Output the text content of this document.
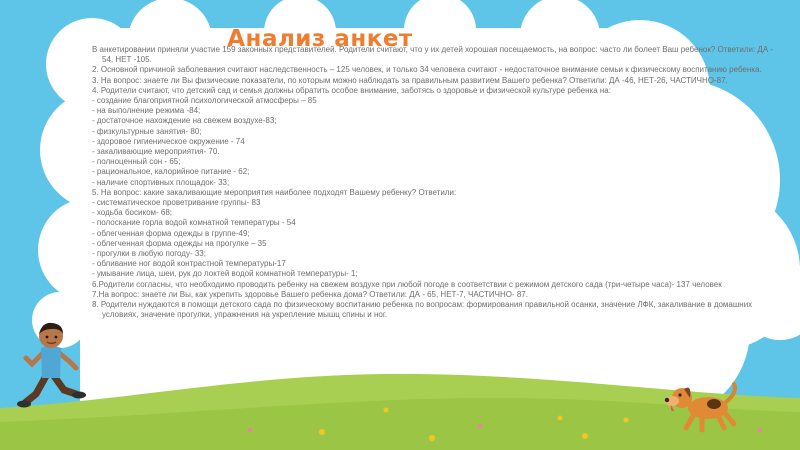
Анализ анкет

В анкетировании приняли участие 159 законных представителей. Родители считают, что у их детей хорошая посещаемость, на вопрос: часто ли болеет Ваш ребенок? Ответили: ДА - 54, НЕТ -105.

2. Основной причиной заболевания считают наследственность – 125 человек, и только 34 человека считают - недостаточное внимание семьи к физическому воспитанию ребенка.

3. На вопрос: знаете ли Вы физические показатели, по которым можно наблюдать за правильным развитием Вашего ребенка? Ответили: ДА -46, НЕТ-26, ЧАСТИЧНО-87.

4. Родители считают, что детский сад и семья должны обратить особое внимание, заботясь о здоровье и физической культуре ребенка на:

- создание благоприятной психологической атмосферы – 85

- на выполнение режима -84;

- достаточное нахождение на свежем воздухе-83;

- физкультурные занятия- 80;

- здоровое гигиеническое окружение - 74

- закаливающие мероприятия- 70.

- полноценный сон - 65;

- рациональное, калорийное питание - 62;

- наличие спортивных площадок- 33;

5. На вопрос: какие закаливающие мероприятия наиболее подходят Вашему ребенку? Ответили:

- систематическое проветривание группы- 83

- ходьба босиком- 68;

- полоскание горла водой комнатной температуры - 54

- облегченная форма одежды в группе-49;

- облегченная форма одежды на прогулке – 35

- прогулки в любую погоду- 33;

- обливание ног водой контрастной температуры-17

- умывание лица, шеи, рук до локтей водой комнатной температуры- 1;

6.Родители согласны, что необходимо проводить ребенку на свежем воздухе при любой погоде в соответствии с режимом детского сада (три-четыре часа)- 137 человек

7.На вопрос: знаете ли Вы, как укрепить здоровье Вашего ребенка дома? Ответили: ДА - 65, НЕТ-7, ЧАСТИЧНО- 87.

8. Родители нуждаются в помощи детского сада по физическому воспитанию ребенка по вопросам: формирования правильной осанки, значение ЛФК, закаливание в домашних условиях, значение прогулки, упражнения на укрепление мышц спины и ног.
